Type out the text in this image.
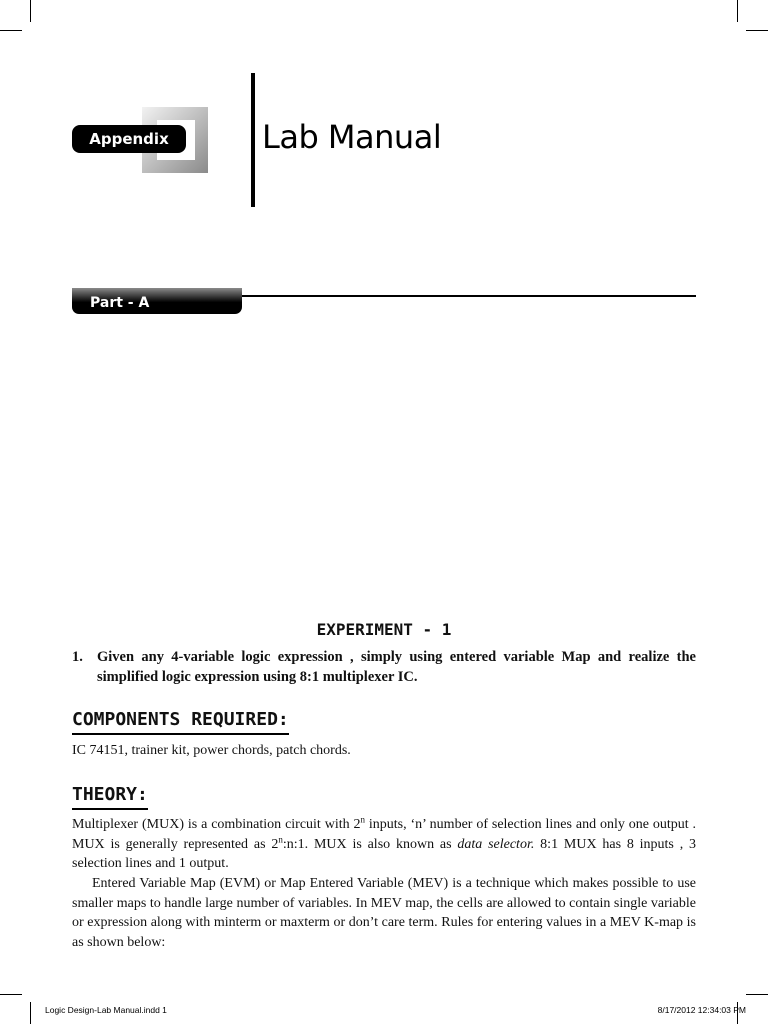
Appendix	Lab Manual
Part - A
EXPERIMENT - 1
1. Given any 4-variable logic expression , simply using entered variable Map and realize the simplified logic expression using 8:1 multiplexer IC.
COMPONENTS REQUIRED:
IC 74151, trainer kit, power chords, patch chords.
THEORY:
Multiplexer (MUX) is a combination circuit with 2$^n$ inputs, ‘n’ number of selection lines and only one output . MUX is generally represented as 2$^n$:n:1. MUX is also known as data selector. 8:1 MUX has 8 inputs , 3 selection lines and 1 output.
Entered Variable Map (EVM) or Map Entered Variable (MEV) is a technique which makes possible to use smaller maps to handle large number of variables. In MEV map, the cells are allowed to contain single variable or expression along with minterm or maxterm or don’t care term. Rules for entering values in a MEV K-map is as shown below:
Logic Design-Lab Manual.indd 1	8/17/2012 12:34:03 PM
